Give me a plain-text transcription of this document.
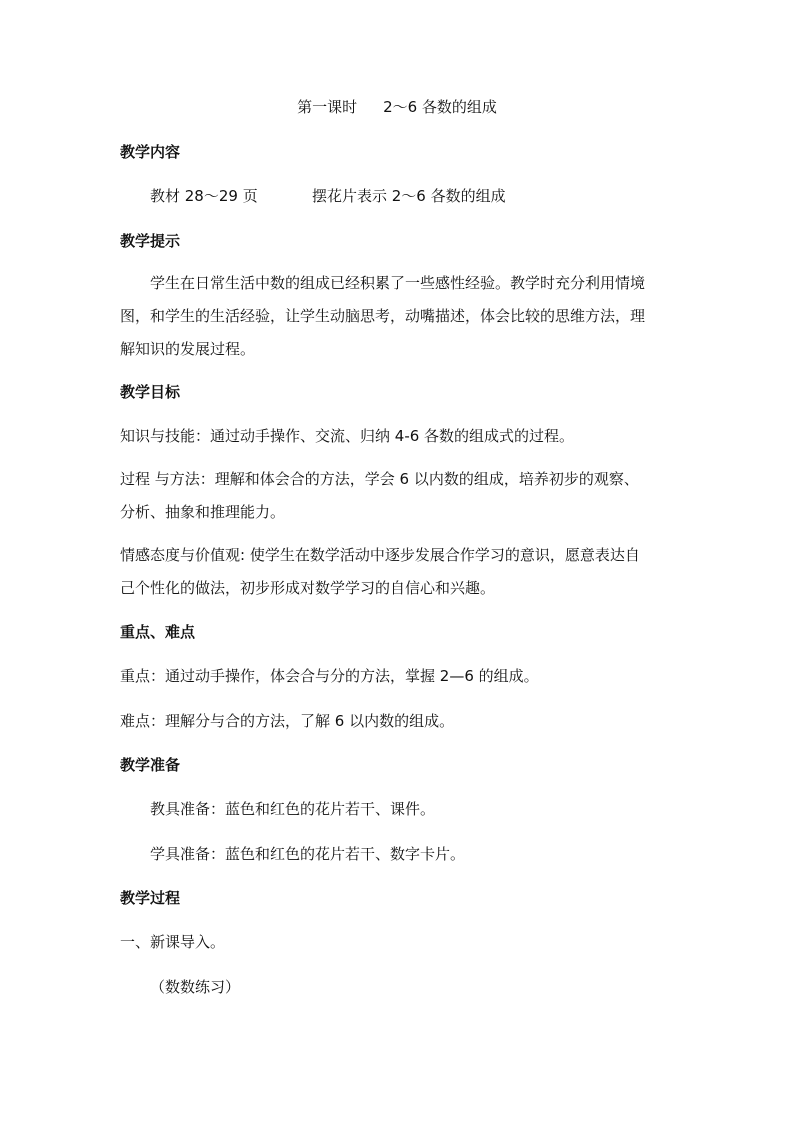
第一课时 2～6 各数的组成
教学内容
教材 28～29 页	摆花片表示 2～6 各数的组成
教学提示
学生在日常生活中数的组成已经积累了一些感性经验。教学时充分利用情境
图，和学生的生活经验，让学生动脑思考，动嘴描述，体会比较的思维方法，理
解知识的发展过程。
教学目标
知识与技能：通过动手操作、交流、归纳 4-6 各数的组成式的过程。
过程 与方法：理解和体会合的方法，学会 6 以内数的组成，培养初步的观察、
分析、抽象和推理能力。
情感态度与价值观: 使学生在数学活动中逐步发展合作学习的意识，愿意表达自
己个性化的做法，初步形成对数学学习的自信心和兴趣。
重点、难点
重点：通过动手操作，体会合与分的方法，掌握 2—6 的组成。
难点：理解分与合的方法，了解 6 以内数的组成。
教学准备
教具准备：蓝色和红色的花片若干、课件。
学具准备：蓝色和红色的花片若干、数字卡片。
教学过程
一、新课导入。
（数数练习）
